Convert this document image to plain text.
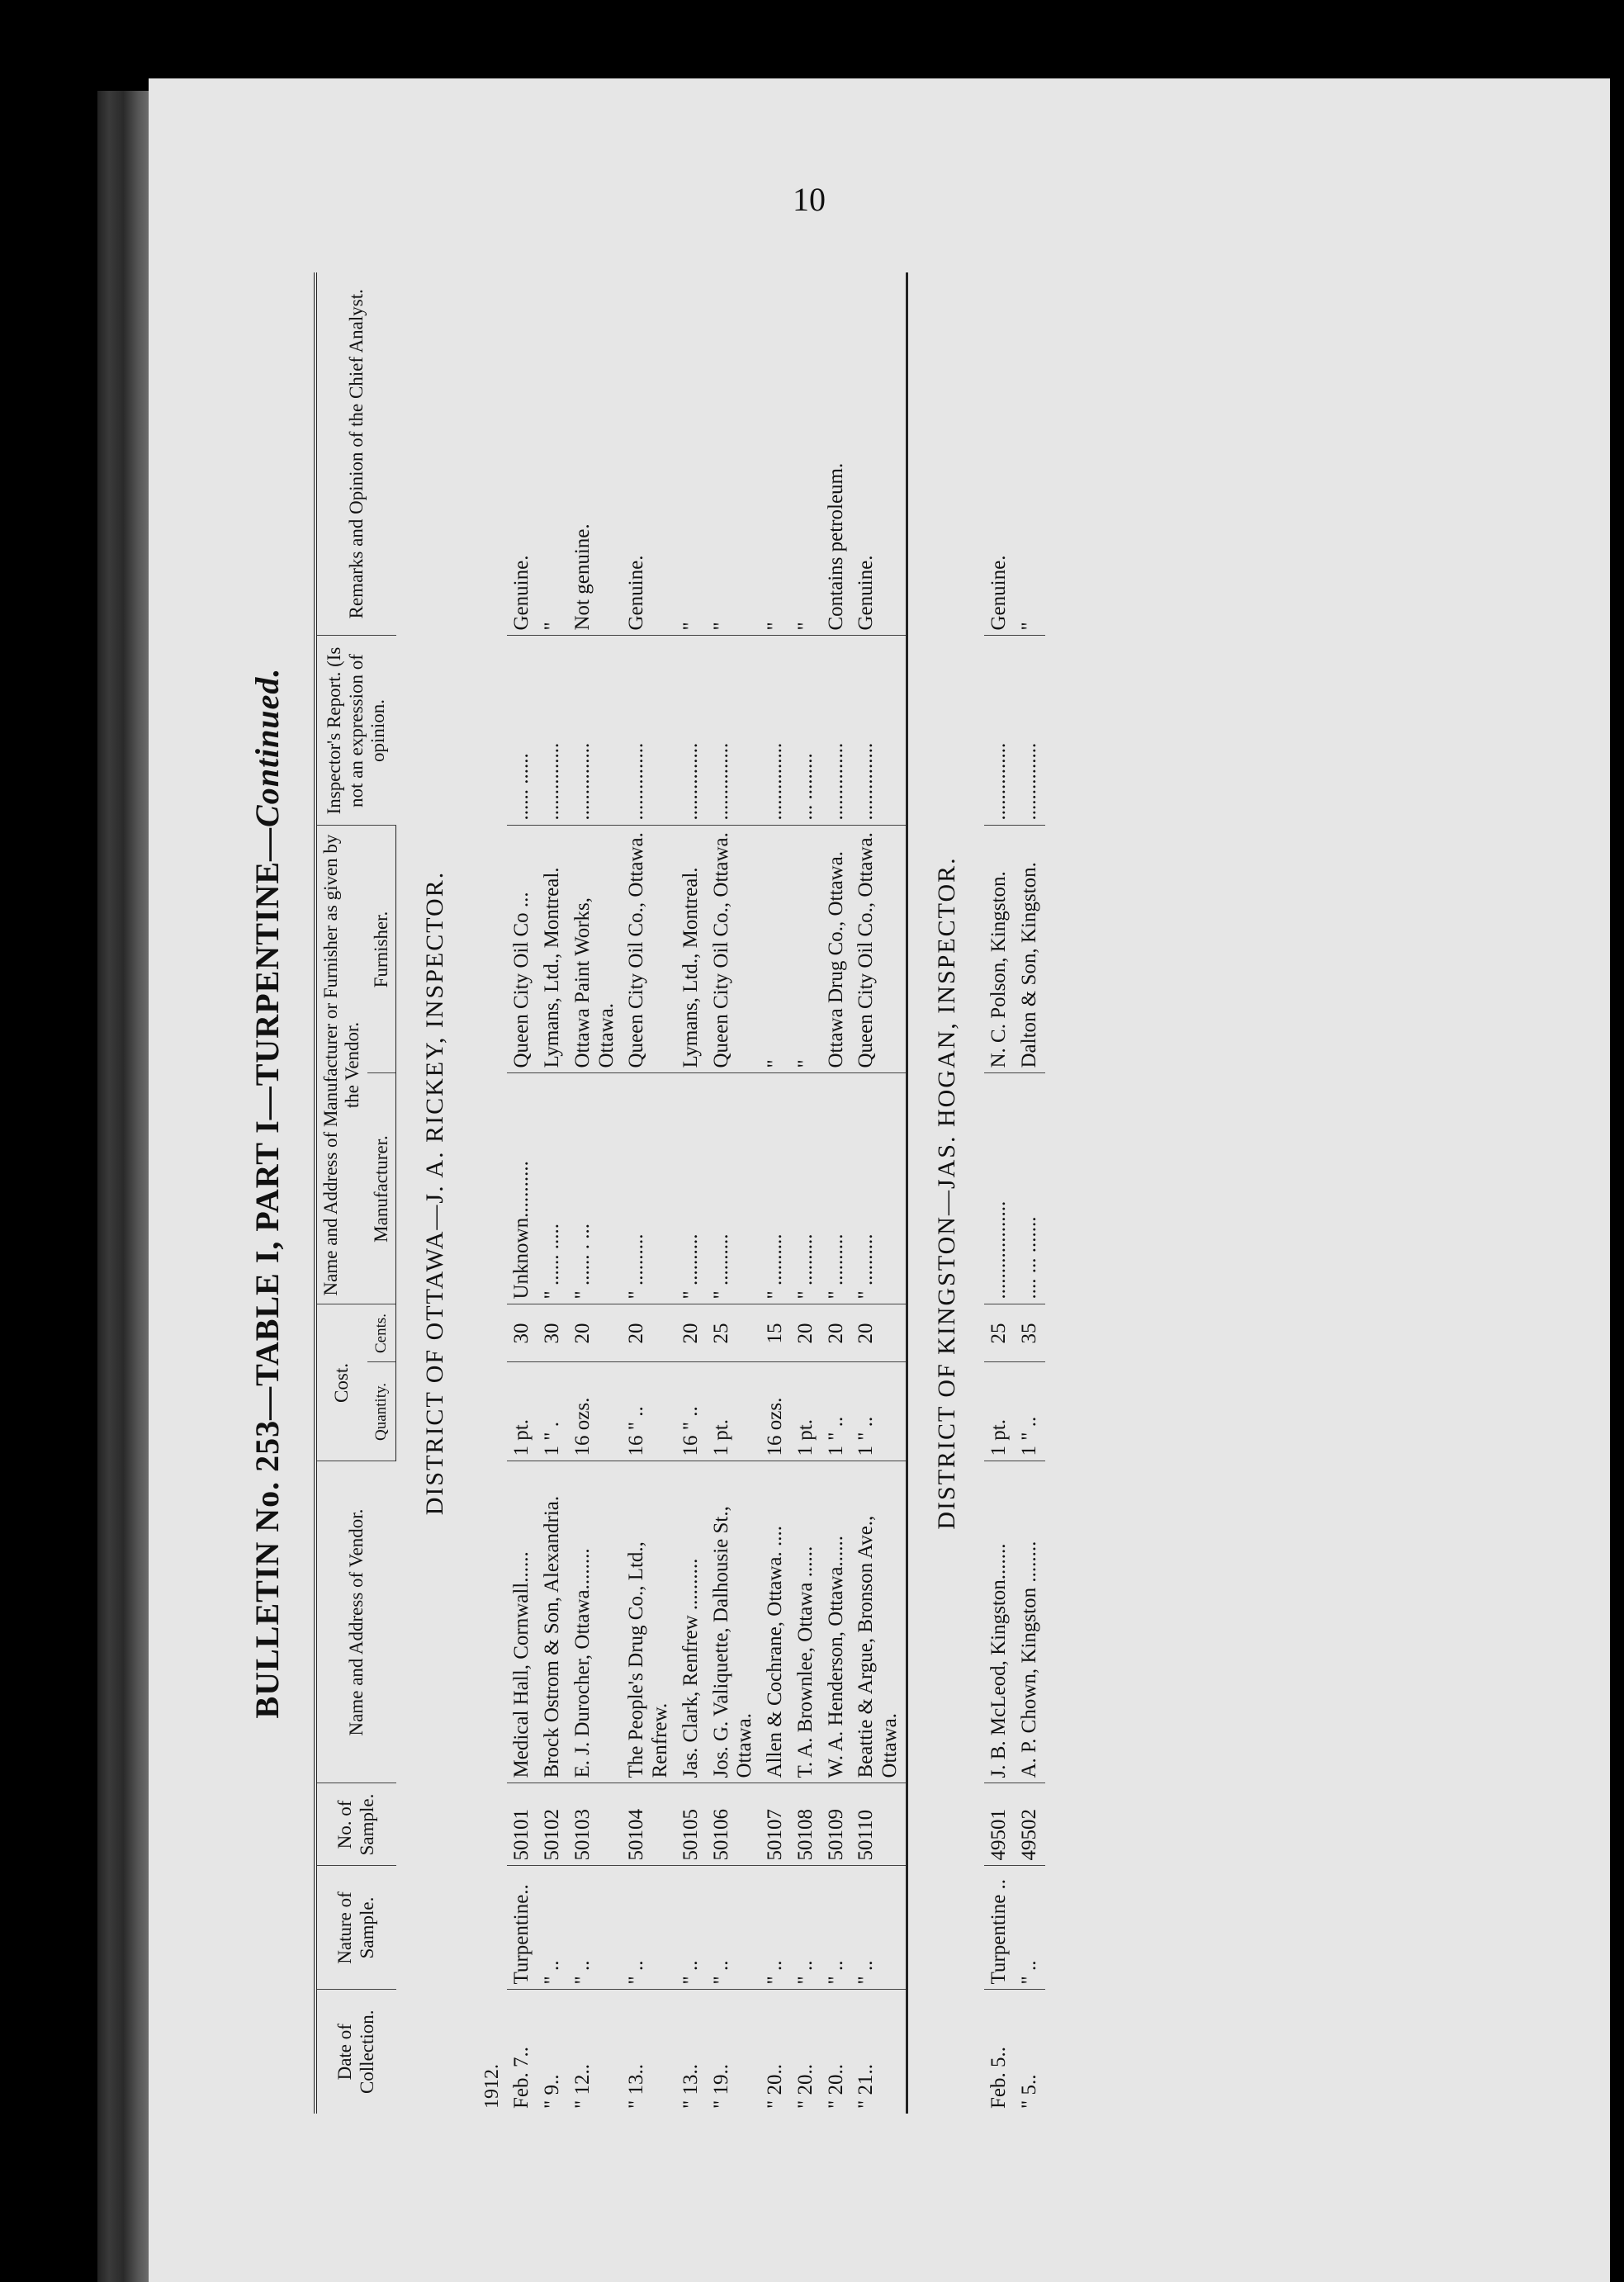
10
BULLETIN No. 253—TABLE I, PART I—TURPENTINE—Continued.

Date of Collection.	Nature of Sample.	No. of Sample.	Name and Address of Vendor.	Cost.		Name and Address of Manufacturer or Furnisher as given by the Vendor.		Inspector's Report. (Is not an expression of opinion.	Remarks and Opinion of the Chief Analyst.
				Quantity.	Cents.	Manufacturer.	Furnisher.		
DISTRICT OF OTTAWA—J. A. RICKEY, INSPECTOR.									
1912.									
Feb. 7..	Turpentine..	50101	Medical Hall, Cornwall......	1 pt.	30	Unknown...........	Queen City Oil Co ...	...... ......	Genuine.
" 9..	" ..	50102	Brock Ostrom & Son, Alexandria.	1 " .	30	" ...... .....	Lymans, Ltd., Montreal.	...............	"
" 12..	" ..	50103	E. J. Durocher, Ottawa........	16 ozs.	20	" ...... . ...	Ottawa Paint Works, Ottawa.	...............	Not genuine.
" 13..	" ..	50104	The People's Drug Co., Ltd., Renfrew.	16 " ..	20	" ..........	Queen City Oil Co., Ottawa.	...............	Genuine.
" 13..	" ..	50105	Jas. Clark, Renfrew ..........	16 " ..	20	" ..........	Lymans, Ltd., Montreal.	...............	"
" 19..	" ..	50106	Jos. G. Valiquette, Dalhousie St., Ottawa.	1 pt.	25	" ..........	Queen City Oil Co., Ottawa.	...............	"
" 20..	" ..	50107	Allen & Cochrane, Ottawa. ....	16 ozs.	15	" ..........	"	...............	"
" 20..	" ..	50108	T. A. Brownlee, Ottawa ......	1 pt.	20	" ..........	"	... .........	"
" 20..	" ..	50109	W. A. Henderson, Ottawa......	1 " ..	20	" ..........	Ottawa Drug Co., Ottawa.	...............	Contains petroleum.
" 21..	" ..	50110	Beattie & Argue, Bronson Ave., Ottawa.	1 " ..	20	" ..........	Queen City Oil Co., Ottawa.	...............	Genuine.
DISTRICT OF KINGSTON—JAS. HOGAN, INSPECTOR.									
Feb. 5..	Turpentine ..	49501	J. B. McLeod, Kingston.......	1 pt.	25	...................	N. C. Polson, Kingston.	...............	Genuine.
" 5..	" ..	49502	A. P. Chown, Kingston ........	1 " ..	35	.... ... .......	Dalton & Son, Kingston.	...............	"
